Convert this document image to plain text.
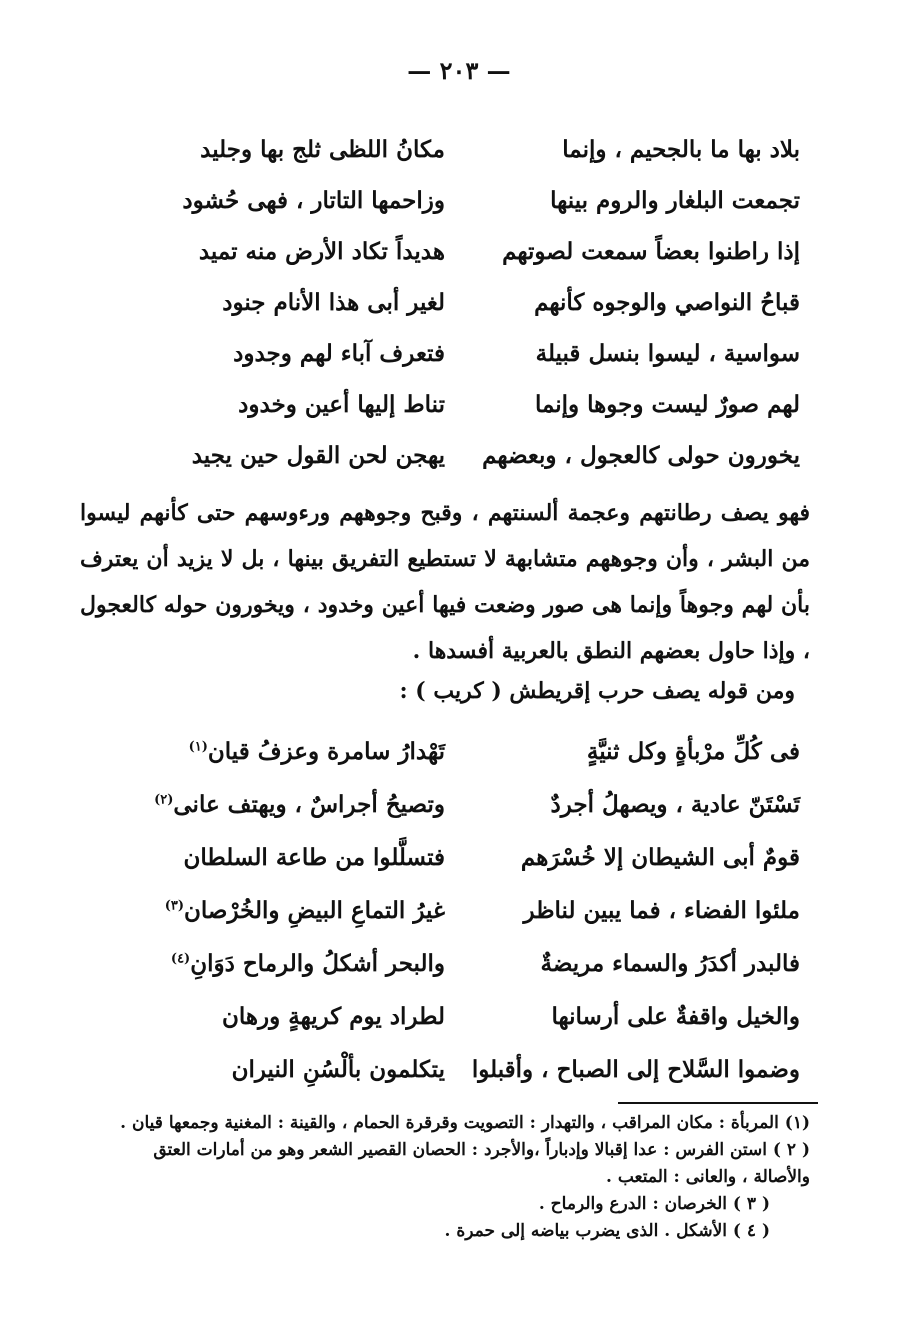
— ٢٠٣ —
بلاد بها ما بالجحيم ، وإنما
مكانُ اللظى ثلج بها وجليد
تجمعت البلغار والروم بينها
وزاحمها التاتار ، فهى حُشود
إذا راطنوا بعضاً سمعت لصوتهم
هديداً تكاد الأرض منه تميد
قباحُ النواصي والوجوه كأنهم
لغير أبى هذا الأنام جنود
سواسية ، ليسوا بنسل قبيلة
فتعرف آباء لهم وجدود
لهم صورٌ ليست وجوها وإنما
تناط إليها أعين وخدود
يخورون حولى كالعجول ، وبعضهم
يهجن لحن القول حين يجيد

فهو يصف رطانتهم وعجمة ألسنتهم ، وقبح وجوههم ورءوسهم حتى كأنهم ليسوا من البشر ، وأن وجوههم متشابهة لا تستطيع التفريق بينها ، بل لا يزيد أن يعترف بأن لهم وجوهاً وإنما هى صور وضعت فيها أعين وخدود ، ويخورون حوله كالعجول ، وإذا حاول بعضهم النطق بالعربية أفسدها .

ومن قوله يصف حرب إقريطش ( كريب ) :
فى كُلِّ مرْبأةٍ وكل ثنيَّةٍ
تَهْدارُ سامرة وعزفُ قيان$^{(١)}$
تَسْتَنّ عادية ، ويصهلُ أجردٌ
وتصيحُ أجراسٌ ، ويهتف عانى$^{(٢)}$
قومٌ أبى الشيطان إلا خُسْرَهم
فتسلَّلوا من طاعة السلطان
ملئوا الفضاء ، فما يبين لناظر
غيرُ التماعِ البيضِ والخُرْصان$^{(٣)}$
فالبدر أكدَرُ والسماء مريضةٌ
والبحر أشكلُ والرماح دَوَانِ$^{(٤)}$
والخيل واقفةٌ على أرسانها
لطراد يوم كريهةٍ ورهان
وضموا السَّلاح إلى الصباح ، وأقبلوا
يتكلمون بألْسُنِ النيران

(١) المربأة : مكان المراقب ، والتهدار : التصويت وقرقرة الحمام ، والقينة : المغنية وجمعها قيان .

( ٢ ) استن الفرس : عدا إقبالا وإدباراً ،والأجرد : الحصان القصير الشعر وهو من أمارات العتق

والأصالة ، والعانى : المتعب .

( ٣ ) الخرصان : الدرع والرماح .

( ٤ ) الأشكل . الذى يضرب بياضه إلى حمرة .
